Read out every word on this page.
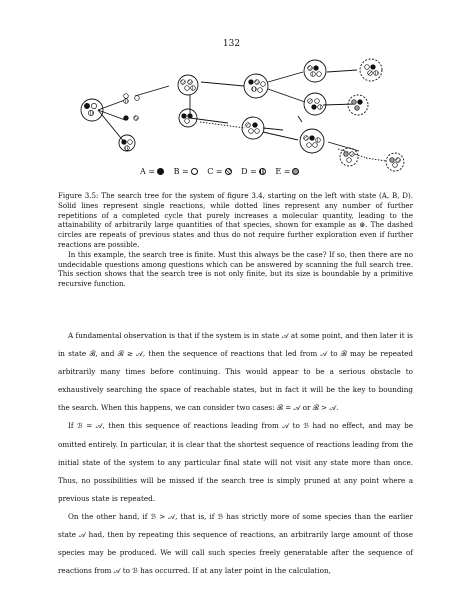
132
A = B = C = D = E =

Figure 3.5: The search tree for the system of figure 3.4, starting on the left with state (A, B, D). Solid lines represent single reactions, while dotted lines represent any number of further repetitions of a completed cycle that purely increases a molecular quantity, leading to the attainability of arbitrarily large quantities of that species, shown for example as ⊛. The dashed circles are repeats of previous states and thus do not require further exploration even if further reactions are possible.

In this example, the search tree is finite. Must this always be the case? If so, then there are no undecidable questions among questions which can be answered by scanning the full search tree. This section shows that the search tree is not only finite, but its size is boundable by a primitive recursive function.

A fundamental observation is that if the system is in state 𝒜 at some point, and then later it is in state ℬ, and ℬ ≥ 𝒜, then the sequence of reactions that led from 𝒜 to ℬ may be repeated arbitrarily many times before continuing. This would appear to be a serious obstacle to exhaustively searching the space of reachable states, but in fact it will be the key to bounding the search. When this happens, we can consider two cases: ℬ = 𝒜 or ℬ > 𝒜.

If ℬ = 𝒜, then this sequence of reactions leading from 𝒜 to ℬ had no effect, and may be omitted entirely. In particular, it is clear that the shortest sequence of reactions leading from the initial state of the system to any particular final state will not visit any state more than once. Thus, no possibilities will be missed if the search tree is simply pruned at any point where a previous state is repeated.

On the other hand, if ℬ > 𝒜, that is, if ℬ has strictly more of some species than the earlier state 𝒜 had, then by repeating this sequence of reactions, an arbitrarily large amount of those species may be produced. We will call such species freely generatable after the sequence of reactions from 𝒜 to ℬ has occurred. If at any later point in the calculation,
